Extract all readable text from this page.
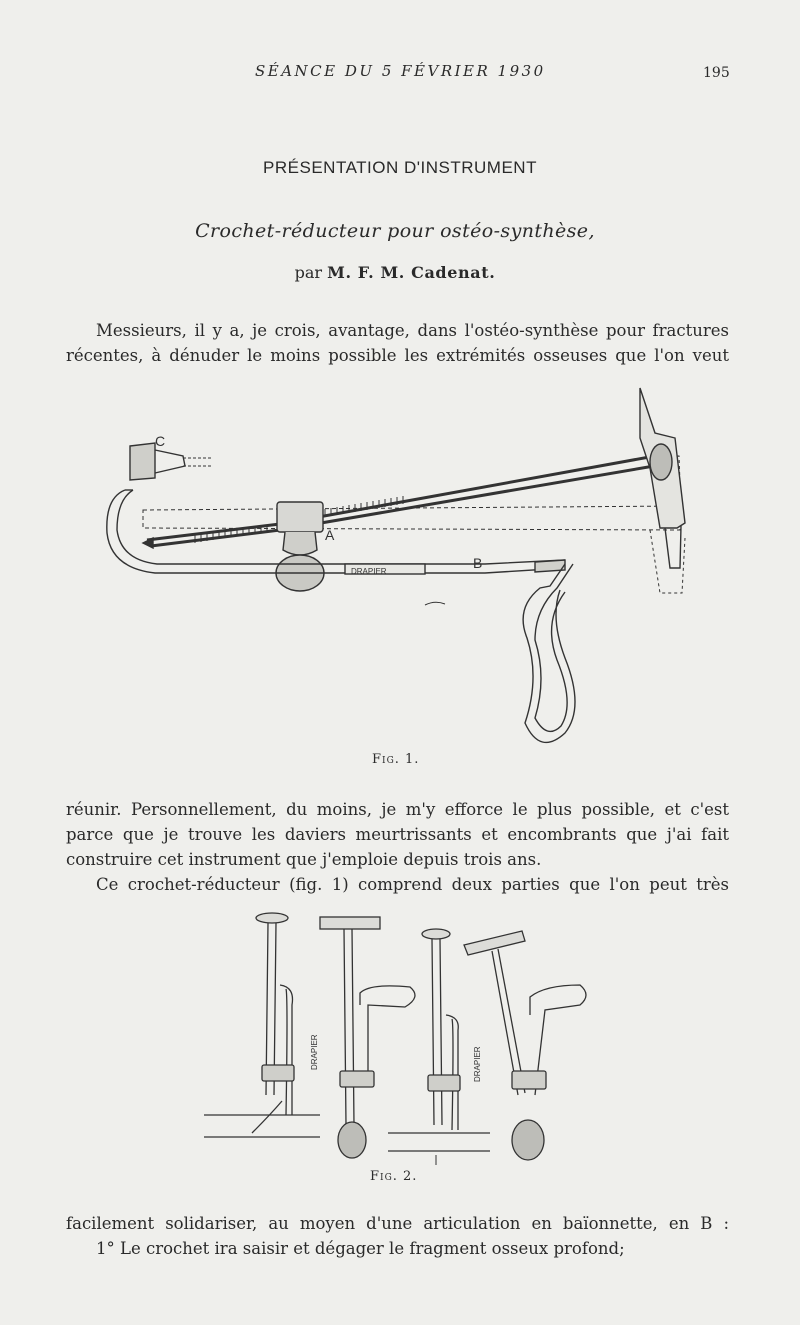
SÉANCE DU 5 FÉVRIER 1930	195
PRÉSENTATION D'INSTRUMENT
Crochet-réducteur pour ostéo-synthèse,
par M. F. M. Cadenat.

Messieurs, il y a, je crois, avantage, dans l'ostéo-synthèse pour fractures
récentes, à dénuder le moins possible les extrémités osseuses que l'on veut

C
A
B
DRAPIER
Fig. 1.

réunir. Personnellement, du moins, je m'y efforce le plus possible, et c'est
parce que je trouve les daviers meurtrissants et encombrants que j'ai fait
construire cet instrument que j'emploie depuis trois ans.

Ce crochet-réducteur (fig. 1) comprend deux parties que l'on peut très

DRAPIER	DRAPIER
Fig. 2.

facilement solidariser, au moyen d'une articulation en baïonnette, en B :
1° Le crochet ira saisir et dégager le fragment osseux profond;
